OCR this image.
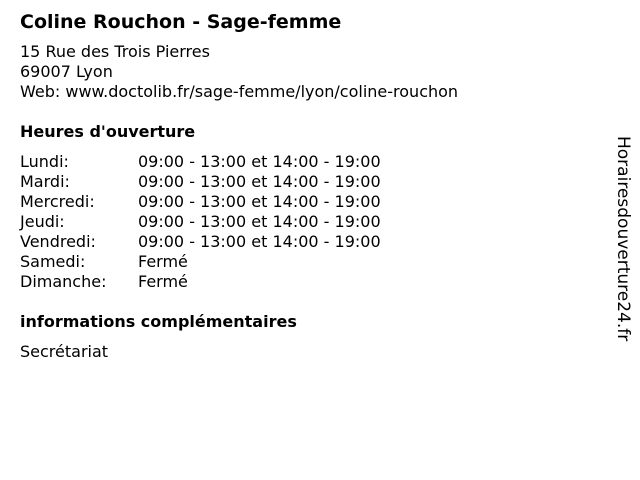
Coline Rouchon - Sage-femme
15 Rue des Trois Pierres
69007 Lyon
Web: www.doctolib.fr/sage-femme/lyon/coline-rouchon
Heures d'ouverture
Lundi:	09:00 - 13:00 et 14:00 - 19:00
Mardi:	09:00 - 13:00 et 14:00 - 19:00
Mercredi:	09:00 - 13:00 et 14:00 - 19:00
Jeudi:	09:00 - 13:00 et 14:00 - 19:00
Vendredi:	09:00 - 13:00 et 14:00 - 19:00
Samedi:	Fermé
Dimanche:	Fermé
informations complémentaires
Secrétariat
Horairesdouverture24.fr
